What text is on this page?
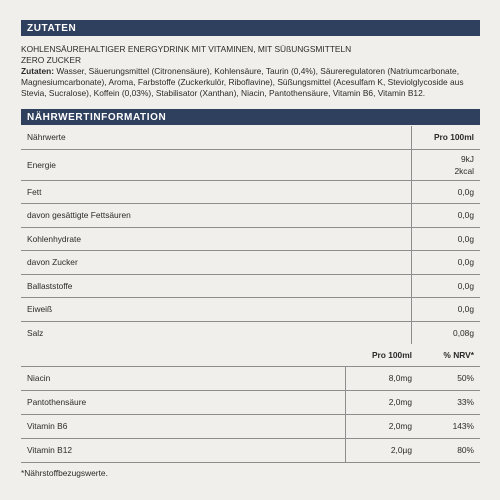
ZUTATEN
KOHLENSÄUREHALTIGER ENERGYDRINK MIT VITAMINEN, MIT SÜßUNGSMITTELN
ZERO ZUCKER
Zutaten: Wasser, Säuerungsmittel (Citronensäure), Kohlensäure, Taurin (0,4%), Säureregulatoren (Natriumcarbonate, Magnesiumcarbonate), Aroma, Farbstoffe (Zuckerkulör, Riboflavine), Süßungsmittel (Acesulfam K, Steviolglycoside aus Stevia, Sucralose), Koffein (0,03%), Stabilisator (Xanthan), Niacin, Pantothensäure, Vitamin B6, Vitamin B12.
NÄHRWERTINFORMATION
Nährwerte	Pro 100ml
Energie	9kJ
2kcal

Fett	0,0g
davon gesättigte Fettsäuren	0,0g
Kohlenhydrate	0,0g
davon Zucker	0,0g
Ballaststoffe	0,0g
Eiweiß	0,0g
Salz	0,08g
	Pro 100ml	% NRV*
Niacin	8,0mg	50%
Pantothensäure	2,0mg	33%
Vitamin B6	2,0mg	143%
Vitamin B12	2,0µg	80%
*Nährstoffbezugswerte.
